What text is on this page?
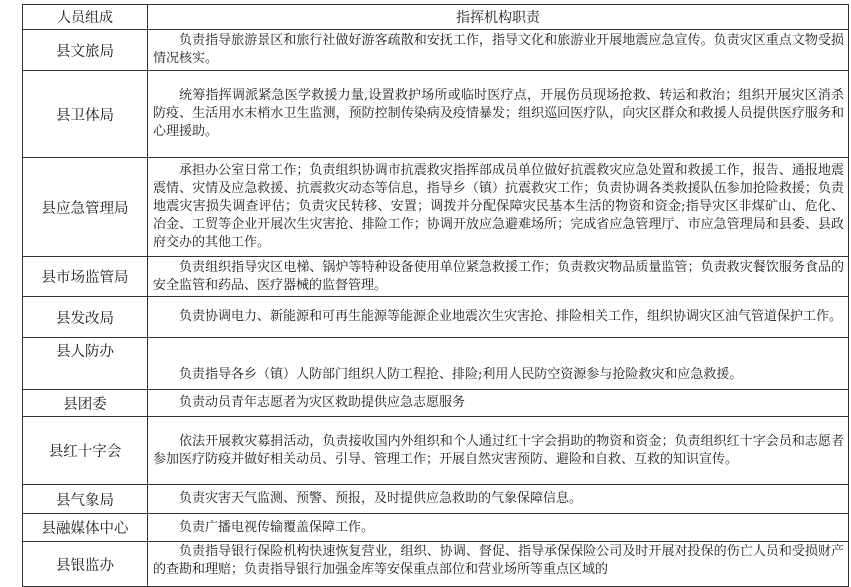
人员组成	指挥机构职责
县文旅局	负责指导旅游景区和旅行社做好游客疏散和安抚工作，指导文化和旅游业开展地震应急宣传。负责灾区重点文物受损情况核实。
县卫体局	统筹指挥调派紧急医学救援力量,设置救护场所或临时医疗点，开展伤员现场抢救、转运和救治；组织开展灾区消杀防疫、生活用水末梢水卫生监测，预防控制传染病及疫情暴发；组织巡回医疗队，向灾区群众和救援人员提供医疗服务和心理援助。
县应急管理局	承担办公室日常工作；负责组织协调市抗震救灾指挥部成员单位做好抗震救灾应急处置和救援工作，报告、通报地震震情、灾情及应急救援、抗震救灾动态等信息，指导乡（镇）抗震救灾工作；负责协调各类救援队伍参加抢险救援；负责地震灾害损失调查评估；负责灾民转移、安置；调拨并分配保障灾民基本生活的物资和资金;指导灾区非煤矿山、危化、冶金、工贸等企业开展次生灾害抢、排险工作；协调开放应急避难场所；完成省应急管理厅、市应急管理局和县委、县政府交办的其他工作。
县市场监管局	负责组织指导灾区电梯、锅炉等特种设备使用单位紧急救援工作；负责救灾物品质量监管；负责救灾餐饮服务食品的安全监管和药品、医疗器械的监督管理。
县发改局	负责协调电力、新能源和可再生能源等能源企业地震次生灾害抢、排险相关工作，组织协调灾区油气管道保护工作。
县人防办	负责指导各乡（镇）人防部门组织人防工程抢、排险;利用人民防空资源参与抢险救灾和应急救援。
县团委	负责动员青年志愿者为灾区救助提供应急志愿服务
县红十字会	依法开展救灾募捐活动，负责接收国内外组织和个人通过红十字会捐助的物资和资金；负责组织红十字会员和志愿者参加医疗防疫并做好相关动员、引导、管理工作；开展自然灾害预防、避险和自救、互救的知识宣传。
县气象局	负责灾害天气监测、预警、预报，及时提供应急救助的气象保障信息。
县融媒体中心	负责广播电视传输覆盖保障工作。
县银监办	负责指导银行保险机构快速恢复营业，组织、协调、督促、指导承保保险公司及时开展对投保的伤亡人员和受损财产的查勘和理赔；负责指导银行加强金库等安保重点部位和营业场所等重点区域的
